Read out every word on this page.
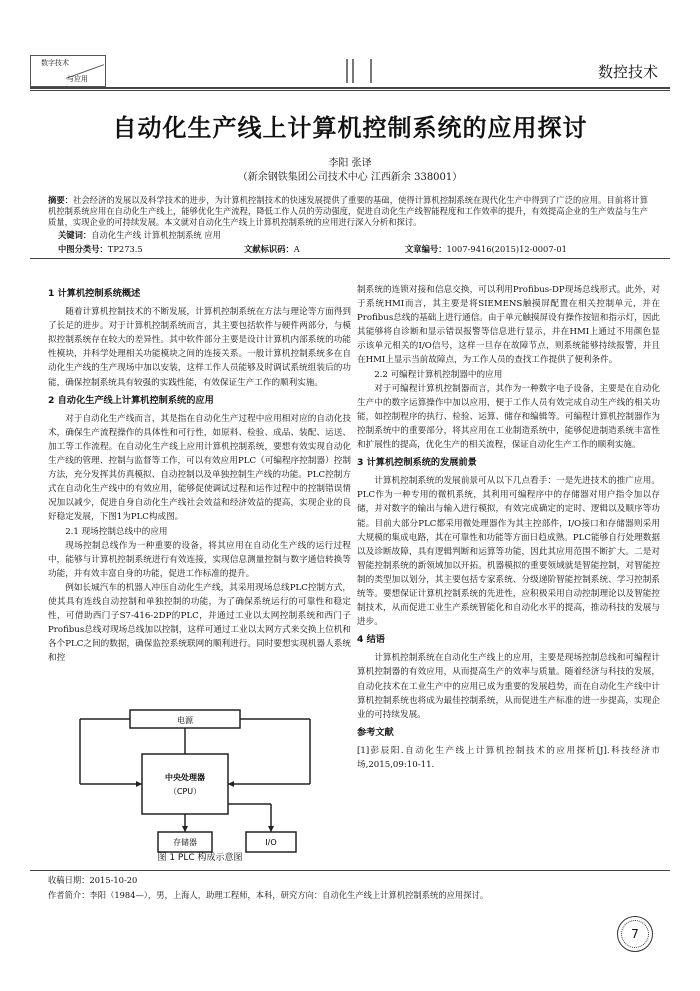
数字技术
与应用	数控技术
自动化生产线上计算机控制系统的应用探讨
李阳 张译
（新余钢铁集团公司技术中心 江西新余 338001）
摘要：社会经济的发展以及科学技术的进步，为计算机控制技术的快速发展提供了重要的基础，使得计算机控制系统在现代化生产中得到了广泛的应用。目前将计算机控制系统应用在自动化生产线上，能够优化生产流程，降低工作人员的劳动强度，促进自动化生产线智能程度和工作效率的提升，有效提高企业的生产效益与生产质量，实现企业的可持续发展。本文就对自动化生产线上计算机控制系统的应用进行深入分析和探讨。
关键词：自动化生产线 计算机控制系统 应用
中图分类号：TP273.5	文献标识码：A	文章编号：1007-9416(2015)12-0007-01
1 计算机控制系统概述

随着计算机控制技术的不断发展，计算机控制系统在方法与理论等方面得到了长足的进步。对于计算机控制系统而言，其主要包括软件与硬件两部分，与模拟控制系统存在较大的差异性。其中软件部分主要是设计计算机内部系统的功能性模块，并科学处理相关功能模块之间的连接关系。一般计算机控制系统多在自动化生产线的生产现场中加以安装，这样工作人员能够及时调试系统组装后的功能，确保控制系统具有较强的实践性能，有效保证生产工作的顺利实施。

2 自动化生产线上计算机控制系统的应用

对于自动化生产线而言，其是指在自动化生产过程中应用相对应的自动化技术，确保生产流程操作的具体性和可行性，如原料、检验、成品、装配、运送、加工等工作流程。在自动化生产线上应用计算机控制系统，要想有效实现自动化生产线的管理、控制与监督等工作，可以有效应用PLC（可编程序控制器）控制方法，充分发挥其仿真模拟、自动控制以及单独控制生产线的功能。PLC控制方式在自动化生产线中的有效应用，能够促使调试过程和运作过程中的控制错误情况加以减少，促进自身自动化生产线社会效益和经济效益的提高，实现企业的良好稳定发展，下图1为PLC构成图。

2.1 现场控制总线中的应用

现场控制总线作为一种重要的设备，将其应用在自动化生产线的运行过程中，能够与计算机控制系统进行有效连接，实现信息测量控制与数字通信转换等功能，并有效丰富自身的功能，促进工作标准的提升。

例如长城汽车的机器人冲压自动化生产线，其采用现场总线PLC控制方式，使其具有连线自动控制和单独控制的功能，为了确保系统运行的可靠性和稳定性，可借助西门子S7-416-2DP的PLC，并通过工业以太网控制系统和西门子Profibus总线对现场总线加以控制，这样可通过工业以太网方式来交换上位机和各个PLC之间的数据，确保监控系统联网的顺利进行。同时要想实现机器人系统和控

电源
中央处理器
（CPU）
存储器	I/O
图 1 PLC 构成示意图

制系统的连锁对接和信息交换，可以利用Profibus-DP现场总线形式。此外，对于系统HMI而言，其主要是将SIEMENS触摸屏配置在相关控制单元，并在Profibus总线的基础上进行通信。由于单元触摸屏设有操作按钮和指示灯，因此其能够将自诊断和显示错误报警等信息进行显示，并在HMI上通过不用颜色显示该单元相关的I/O信号，这样一旦存在故障节点，则系统能够持续报警，并且在HMI上显示当前故障点，为工作人员的查找工作提供了便利条件。

2.2 可编程计算机控制器中的应用

对于可编程计算机控制器而言，其作为一种数字电子设备，主要是在自动化生产中的数字运算操作中加以应用，便于工作人员有效完成自动生产线的相关功能，如控制程序的执行、检验、运算、储存和编辑等。可编程计算机控制器作为控制系统中的重要部分，将其应用在工业制造系统中，能够促进制造系统丰富性和扩展性的提高，优化生产的相关流程，保证自动化生产工作的顺利实施。

3 计算机控制系统的发展前景

计算机控制系统的发展前景可从以下几点看手：一是先进技术的推广应用。PLC作为一种专用的微机系统，其利用可编程序中的存储器对用户指令加以存储，并对数字的输出与输入进行模拟，有效完成确定的定时、逻辑以及顺序等功能。目前大部分PLC都采用微处理器作为其主控部件，I/O接口和存储器则采用大规模的集成电路，其在可靠性和功能等方面日趋成熟。PLC能够自行处理数据以及诊断故障，具有逻辑判断和运算等功能，因此其应用范围不断扩大。二是对智能控制系统的新领域加以开拓。机器模拟的重要领域就是智能控制，对智能控制的类型加以划分，其主要包括专家系统、分级递阶智能控制系统、学习控制系统等。要想保证计算机控制系统的先进性，应积极采用自动控制理论以及智能控制技术，从而促进工业生产系统智能化和自动化水平的提高，推动科技的发展与进步。

4 结语

计算机控制系统在自动化生产线上的应用，主要是现场控制总线和可编程计算机控制器的有效应用，从而提高生产的效率与质量。随着经济与科技的发展，自动化技术在工业生产中的应用已成为重要的发展趋势，而在自动化生产线中计算机控制系统也将成为最佳控制系统，从而促进生产标准的进一步提高，实现企业的可持续发展。

参考文献
[1]彭辰阳.自动化生产线上计算机控制技术的应用探析[J].科技经济市场,2015,09:10-11.
收稿日期：2015-10-20
作者简介：李阳（1984—），男，上海人，助理工程师，本科，研究方向：自动化生产线上计算机控制系统的应用探讨。
7
